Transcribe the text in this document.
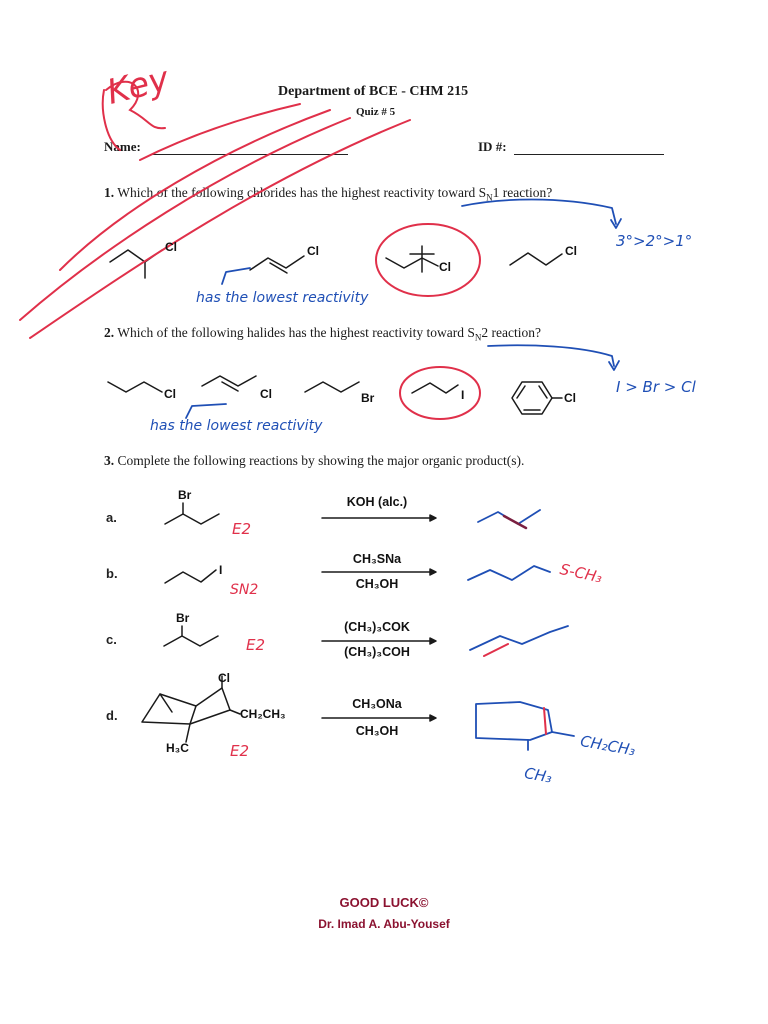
Department of BCE - CHM 215
Quiz # 5
Name:	ID #:
1. Which of the following chlorides has the highest reactivity toward $S_N1$ reaction?
2. Which of the following halides has the highest reactivity toward $S_N2$ reaction?
3. Complete the following reactions by showing the major organic product(s).
Cl	Cl
Cl
Cl
3°>2°>1°
has the lowest reactivity
Cl	Cl	Br	I	Cl
I > Br > Cl
has the lowest reactivity
a.
b.
c.
d.
Br
I
Br
Cl
CH₂CH₃
H₃C
KOH (alc.)
CH₃SNa
CH₃OH
(CH₃)₃COK
(CH₃)₃COH
CH₃ONa
CH₃OH
Key
E2
SN2
E2
E2
S-CH₃
CH₂CH₃
CH₃
GOOD LUCK©
Dr. Imad A. Abu-Yousef
